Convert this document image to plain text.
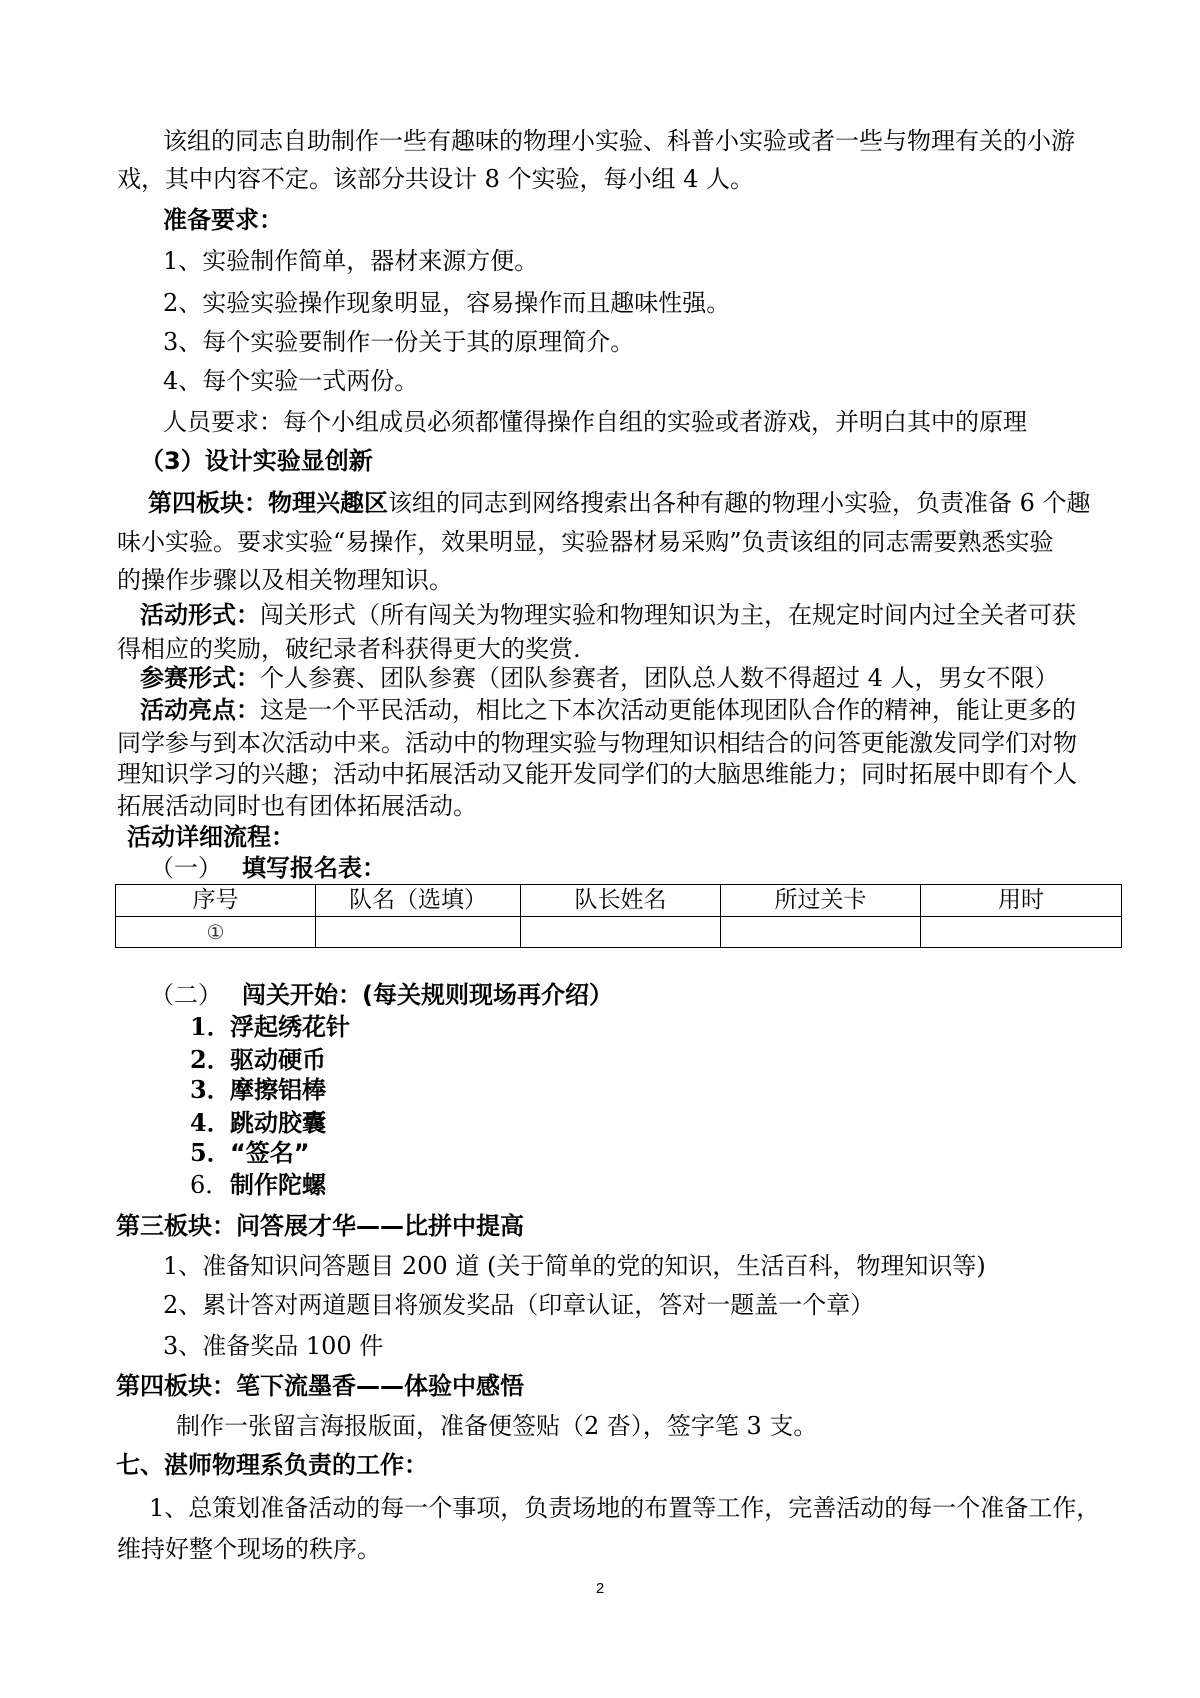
该组的同志自助制作一些有趣味的物理小实验、科普小实验或者一些与物理有关的小游
戏，其中内容不定。该部分共设计 8 个实验，每小组 4 人。
准备要求：
1、实验制作简单，器材来源方便。
2、实验实验操作现象明显，容易操作而且趣味性强。
3、每个实验要制作一份关于其的原理简介。
4、每个实验一式两份。
人员要求：每个小组成员必须都懂得操作自组的实验或者游戏，并明白其中的原理
（3）设计实验显创新
第四板块：物理兴趣区该组的同志到网络搜索出各种有趣的物理小实验，负责准备 6 个趣
味小实验。要求实验“易操作，效果明显，实验器材易采购”负责该组的同志需要熟悉实验
的操作步骤以及相关物理知识。
活动形式：闯关形式（所有闯关为物理实验和物理知识为主，在规定时间内过全关者可获
得相应的奖励，破纪录者科获得更大的奖赏.
参赛形式：个人参赛、团队参赛（团队参赛者，团队总人数不得超过 4 人，男女不限）
活动亮点：这是一个平民活动，相比之下本次活动更能体现团队合作的精神，能让更多的
同学参与到本次活动中来。活动中的物理实验与物理知识相结合的问答更能激发同学们对物
理知识学习的兴趣；活动中拓展活动又能开发同学们的大脑思维能力；同时拓展中即有个人
拓展活动同时也有团体拓展活动。
活动详细流程：
（一） 填写报名表：
序号	队名（选填）	队长姓名	所过关卡	用时
①				
（二） 闯关开始：(每关规则现场再介绍）
1．浮起绣花针
2．驱动硬币
3．摩擦铝棒
4．跳动胶囊
5．“签名”
6．制作陀螺
第三板块：问答展才华——比拼中提高
1、准备知识问答题目 200 道 (关于简单的党的知识，生活百科，物理知识等)
2、累计答对两道题目将颁发奖品（印章认证，答对一题盖一个章）
3、准备奖品 100 件
第四板块：笔下流墨香——体验中感悟
制作一张留言海报版面，准备便签贴（2 沓），签字笔 3 支。
七、湛师物理系负责的工作：
1、总策划准备活动的每一个事项，负责场地的布置等工作，完善活动的每一个准备工作，
维持好整个现场的秩序。
2
